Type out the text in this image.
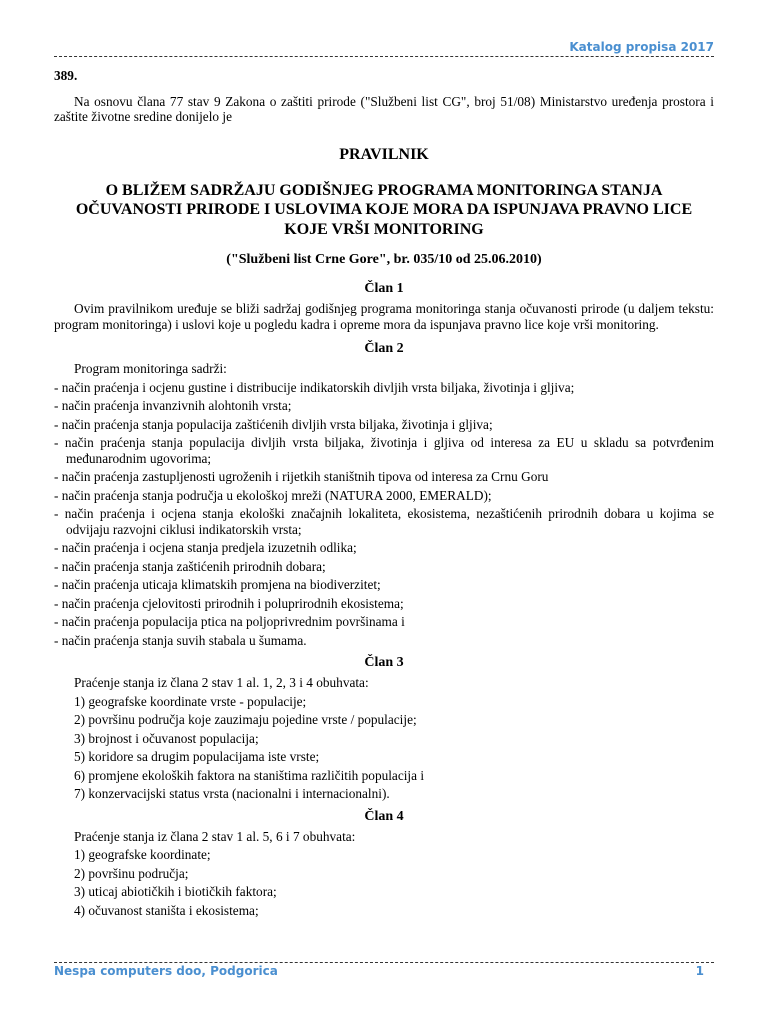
Katalog propisa 2017

389.

Na osnovu člana 77 stav 9 Zakona o zaštiti prirode ("Službeni list CG", broj 51/08) Ministarstvo uređenja prostora i zaštite životne sredine donijelo je

PRAVILNIK
O BLIŽEM SADRŽAJU GODIŠNJEG PROGRAMA MONITORINGA STANJA OČUVANOSTI PRIRODE I USLOVIMA KOJE MORA DA ISPUNJAVA PRAVNO LICE KOJE VRŠI MONITORING
("Službeni list Crne Gore", br. 035/10 od 25.06.2010)
Član 1

Ovim pravilnikom uređuje se bliži sadržaj godišnjeg programa monitoringa stanja očuvanosti prirode (u daljem tekstu: program monitoringa) i uslovi koje u pogledu kadra i opreme mora da ispunjava pravno lice koje vrši monitoring.

Član 2
Program monitoringa sadrži:
- način praćenja i ocjenu gustine i distribucije indikatorskih divljih vrsta biljaka, životinja i gljiva;
- način praćenja invanzivnih alohtonih vrsta;
- način praćenja stanja populacija zaštićenih divljih vrsta biljaka, životinja i gljiva;
- način praćenja stanja populacija divljih vrsta biljaka, životinja i gljiva od interesa za EU u skladu sa potvrđenim međunarodnim ugovorima;
- način praćenja zastupljenosti ugroženih i rijetkih staništnih tipova od interesa za Crnu Goru
- način praćenja stanja područja u ekološkoj mreži (NATURA 2000, EMERALD);
- način praćenja i ocjena stanja ekološki značajnih lokaliteta, ekosistema, nezaštićenih prirodnih dobara u kojima se odvijaju razvojni ciklusi indikatorskih vrsta;
- način praćenja i ocjena stanja predjela izuzetnih odlika;
- način praćenja stanja zaštićenih prirodnih dobara;
- način praćenja uticaja klimatskih promjena na biodiverzitet;
- način praćenja cjelovitosti prirodnih i poluprirodnih ekosistema;
- način praćenja populacija ptica na poljoprivrednim površinama i
- način praćenja stanja suvih stabala u šumama.
Član 3
Praćenje stanja iz člana 2 stav 1 al. 1, 2, 3 i 4 obuhvata:
1) geografske koordinate vrste - populacije;
2) površinu područja koje zauzimaju pojedine vrste / populacije;
3) brojnost i očuvanost populacija;
5) koridore sa drugim populacijama iste vrste;
6) promjene ekoloških faktora na staništima različitih populacija i
7) konzervacijski status vrsta (nacionalni i internacionalni).
Član 4
Praćenje stanja iz člana 2 stav 1 al. 5, 6 i 7 obuhvata:
1) geografske koordinate;
2) površinu područja;
3) uticaj abiotičkih i biotičkih faktora;
4) očuvanost staništa i ekosistema;
Nespa computers doo, Podgorica	1
